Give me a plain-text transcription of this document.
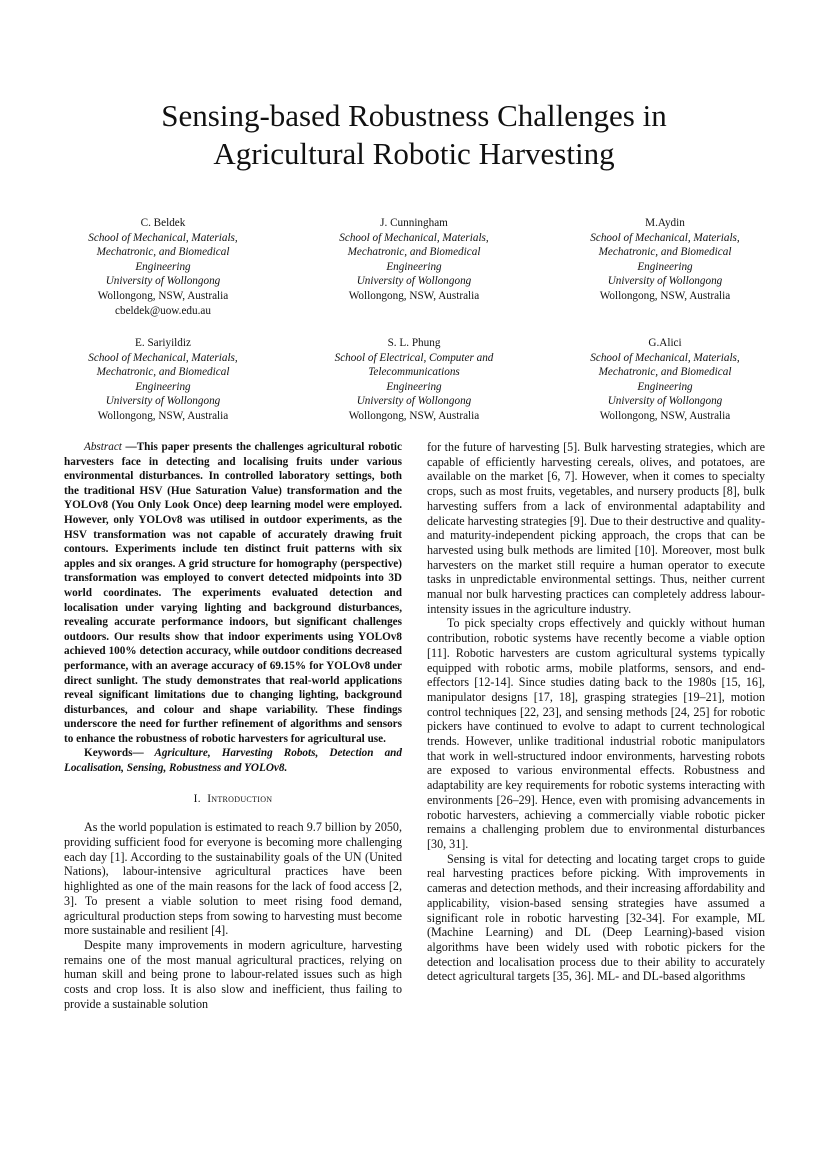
Sensing-based Robustness Challenges in
Agricultural Robotic Harvesting
C. Beldek
School of Mechanical, Materials,
Mechatronic, and Biomedical
Engineering
University of Wollongong
Wollongong, NSW, Australia
cbeldek@uow.edu.au
J. Cunningham
School of Mechanical, Materials,
Mechatronic, and Biomedical
Engineering
University of Wollongong
Wollongong, NSW, Australia
M.Aydin
School of Mechanical, Materials,
Mechatronic, and Biomedical
Engineering
University of Wollongong
Wollongong, NSW, Australia
E. Sariyildiz
School of Mechanical, Materials,
Mechatronic, and Biomedical
Engineering
University of Wollongong
Wollongong, NSW, Australia
S. L. Phung
School of Electrical, Computer and
Telecommunications
Engineering
University of Wollongong
Wollongong, NSW, Australia
G.Alici
School of Mechanical, Materials,
Mechatronic, and Biomedical
Engineering
University of Wollongong
Wollongong, NSW, Australia

Abstract —This paper presents the challenges agricultural robotic harvesters face in detecting and localising fruits under various environmental disturbances. In controlled laboratory settings, both the traditional HSV (Hue Saturation Value) transformation and the YOLOv8 (You Only Look Once) deep learning model were employed. However, only YOLOv8 was utilised in outdoor experiments, as the HSV transformation was not capable of accurately drawing fruit contours. Experiments include ten distinct fruit patterns with six apples and six oranges. A grid structure for homography (perspective) transformation was employed to convert detected midpoints into 3D world coordinates. The experiments evaluated detection and localisation under varying lighting and background disturbances, revealing accurate performance indoors, but significant challenges outdoors. Our results show that indoor experiments using YOLOv8 achieved 100% detection accuracy, while outdoor conditions decreased performance, with an average accuracy of 69.15% for YOLOv8 under direct sunlight. The study demonstrates that real-world applications reveal significant limitations due to changing lighting, background disturbances, and colour and shape variability. These findings underscore the need for further refinement of algorithms and sensors to enhance the robustness of robotic harvesters for agricultural use.

Keywords— Agriculture, Harvesting Robots, Detection and Localisation, Sensing, Robustness and YOLOv8.

I. Introduction

As the world population is estimated to reach 9.7 billion by 2050, providing sufficient food for everyone is becoming more challenging each day [1]. According to the sustainability goals of the UN (United Nations), labour-intensive agricultural practices have been highlighted as one of the main reasons for the lack of food access [2, 3]. To present a viable solution to meet rising food demand, agricultural production steps from sowing to harvesting must become more sustainable and resilient [4].

Despite many improvements in modern agriculture, harvesting remains one of the most manual agricultural practices, relying on human skill and being prone to labour-related issues such as high costs and crop loss. It is also slow and inefficient, thus failing to provide a sustainable solution

for the future of harvesting [5]. Bulk harvesting strategies, which are capable of efficiently harvesting cereals, olives, and potatoes, are available on the market [6, 7]. However, when it comes to specialty crops, such as most fruits, vegetables, and nursery products [8], bulk harvesting suffers from a lack of environmental adaptability and delicate harvesting strategies [9]. Due to their destructive and quality- and maturity-independent picking approach, the crops that can be harvested using bulk methods are limited [10]. Moreover, most bulk harvesters on the market still require a human operator to execute tasks in unpredictable environmental settings. Thus, neither current manual nor bulk harvesting practices can completely address labour-intensity issues in the agriculture industry.

To pick specialty crops effectively and quickly without human contribution, robotic systems have recently become a viable option [11]. Robotic harvesters are custom agricultural systems typically equipped with robotic arms, mobile platforms, sensors, and end-effectors [12-14]. Since studies dating back to the 1980s [15, 16], manipulator designs [17, 18], grasping strategies [19–21], motion control techniques [22, 23], and sensing methods [24, 25] for robotic pickers have continued to evolve to adapt to current technological trends. However, unlike traditional industrial robotic manipulators that work in well-structured indoor environments, harvesting robots are exposed to various environmental effects. Robustness and adaptability are key requirements for robotic systems interacting with environments [26–29]. Hence, even with promising advancements in robotic harvesters, achieving a commercially viable robotic picker remains a challenging problem due to environmental disturbances [30, 31].

Sensing is vital for detecting and locating target crops to guide real harvesting practices before picking. With improvements in cameras and detection methods, and their increasing affordability and applicability, vision-based sensing strategies have assumed a significant role in robotic harvesting [32-34]. For example, ML (Machine Learning) and DL (Deep Learning)-based vision algorithms have been widely used with robotic pickers for the detection and localisation process due to their ability to accurately detect agricultural targets [35, 36]. ML- and DL-based algorithms
